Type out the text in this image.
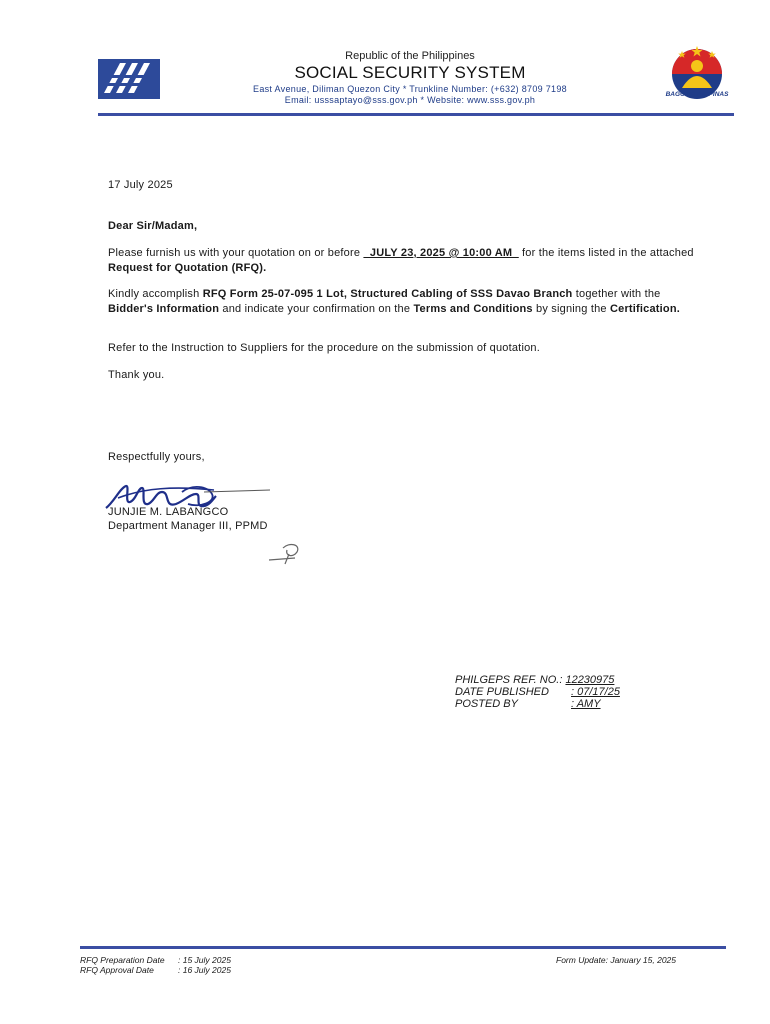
Republic of the Philippines
SOCIAL SECURITY SYSTEM
East Avenue, Diliman Quezon City * Trunkline Number: (+632) 8709 7198
Email: usssaptayo@sss.gov.ph * Website: www.sss.gov.ph
BAGONG PILIPINAS
17 July 2025
Dear Sir/Madam,
Please furnish us with your quotation on or before   JULY 23, 2025 @ 10:00 AM   for the items listed in the attached Request for Quotation (RFQ).
Kindly accomplish RFQ Form 25-07-095 1 Lot, Structured Cabling of SSS Davao Branch together with the Bidder's Information and indicate your confirmation on the Terms and Conditions by signing the Certification.
Refer to the Instruction to Suppliers for the procedure on the submission of quotation.
Thank you.
Respectfully yours,
JUNJIE M. LABANGCO
Department Manager III, PPMD
PHILGEPS REF. NO.: 12230975
DATE PUBLISHED : 07/17/25
POSTED BY	: AMY
RFQ Preparation Date : 15 July 2025
RFQ Approval Date	: 16 July 2025
Form Update: January 15, 2025
